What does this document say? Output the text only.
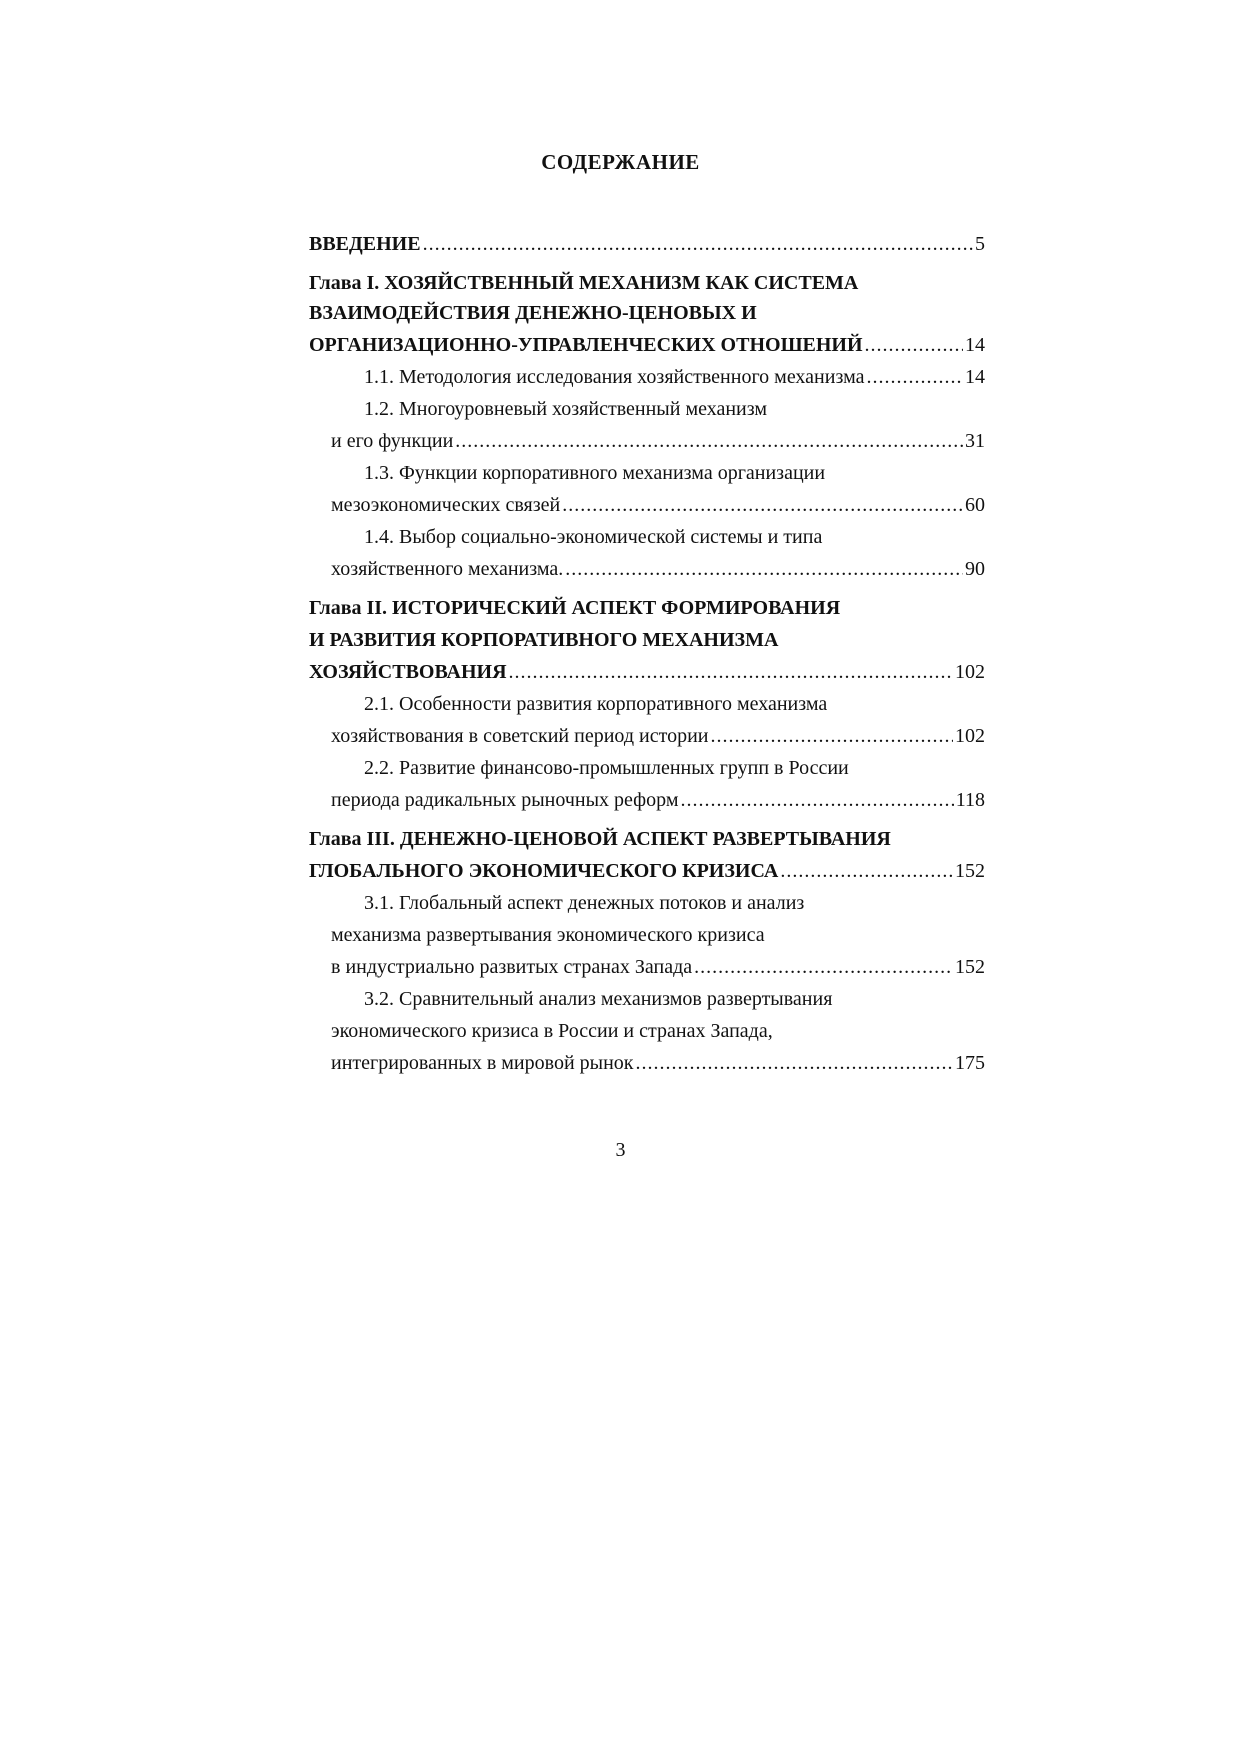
СОДЕРЖАНИЕ
ВВЕДЕНИЕ .....	5
Глава I. ХОЗЯЙСТВЕННЫЙ МЕХАНИЗМ КАК СИСТЕМА
ВЗАИМОДЕЙСТВИЯ ДЕНЕЖНО-ЦЕНОВЫХ И
ОРГАНИЗАЦИОННО-УПРАВЛЕНЧЕСКИХ ОТНОШЕНИЙ .....	14
1.1. Методология исследования хозяйственного механизма .....	14
1.2. Многоуровневый хозяйственный механизм
и его функции .....	31
1.3. Функции корпоративного механизма организации
мезоэкономических связей .....	60
1.4. Выбор социально-экономической системы и типа
хозяйственного механизма. .....	90
Глава II. ИСТОРИЧЕСКИЙ АСПЕКТ ФОРМИРОВАНИЯ
И РАЗВИТИЯ КОРПОРАТИВНОГО МЕХАНИЗМА
ХОЗЯЙСТВОВАНИЯ .....	102
2.1. Особенности развития корпоративного механизма
хозяйствования в советский период истории .....	102
2.2. Развитие финансово-промышленных групп в России
периода радикальных рыночных реформ .....	118
Глава III. ДЕНЕЖНО-ЦЕНОВОЙ АСПЕКТ РАЗВЕРТЫВАНИЯ
ГЛОБАЛЬНОГО ЭКОНОМИЧЕСКОГО КРИЗИСА .....	152
3.1. Глобальный аспект денежных потоков и анализ
механизма развертывания экономического кризиса
в индустриально развитых странах Запада .....	152
3.2. Сравнительный анализ механизмов развертывания
экономического кризиса в России и странах Запада,
интегрированных в мировой рынок .....	175
3
